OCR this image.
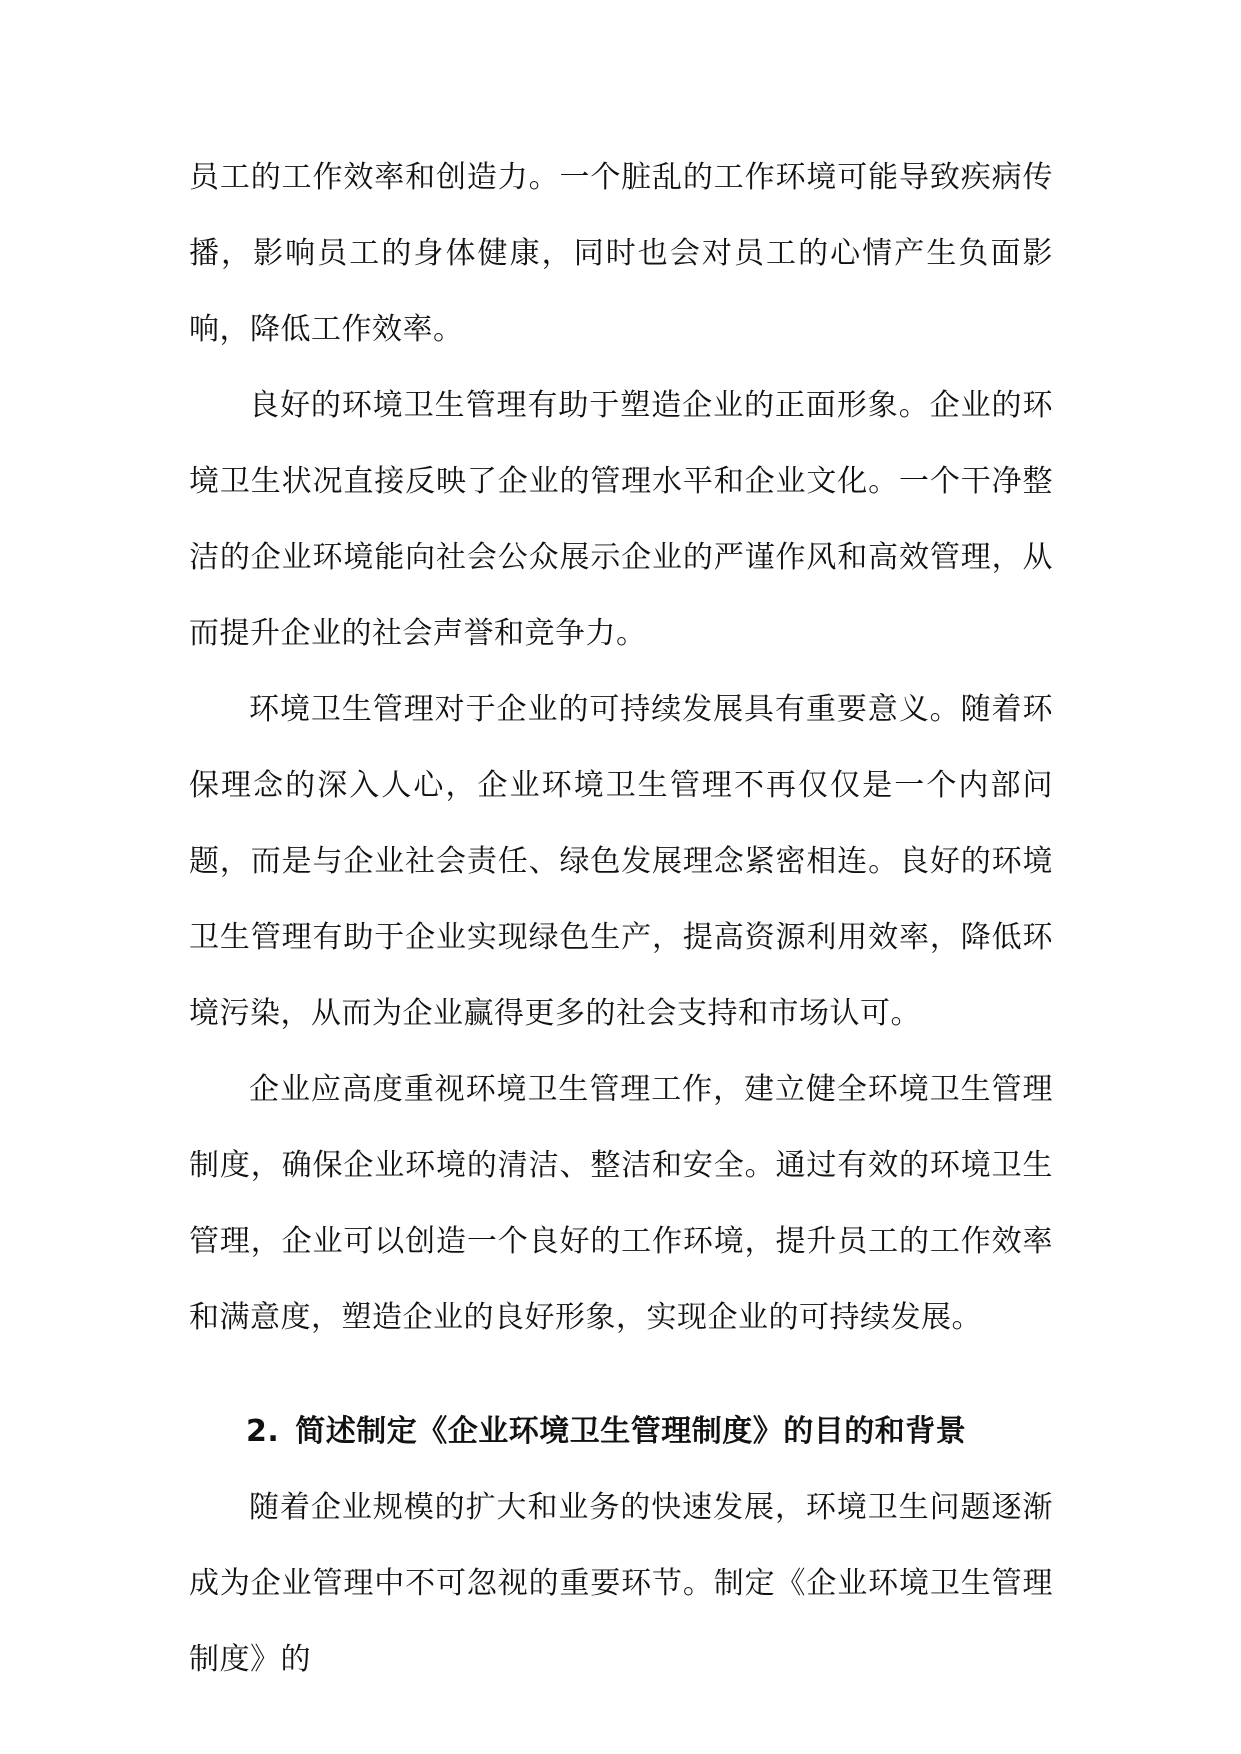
员工的工作效率和创造力。一个脏乱的工作环境可能导致疾病传播，影响员工的身体健康，同时也会对员工的心情产生负面影响，降低工作效率。

良好的环境卫生管理有助于塑造企业的正面形象。企业的环境卫生状况直接反映了企业的管理水平和企业文化。一个干净整洁的企业环境能向社会公众展示企业的严谨作风和高效管理，从而提升企业的社会声誉和竞争力。

环境卫生管理对于企业的可持续发展具有重要意义。随着环保理念的深入人心，企业环境卫生管理不再仅仅是一个内部问题，而是与企业社会责任、绿色发展理念紧密相连。良好的环境卫生管理有助于企业实现绿色生产，提高资源利用效率，降低环境污染，从而为企业赢得更多的社会支持和市场认可。

企业应高度重视环境卫生管理工作，建立健全环境卫生管理制度，确保企业环境的清洁、整洁和安全。通过有效的环境卫生管理，企业可以创造一个良好的工作环境，提升员工的工作效率和满意度，塑造企业的良好形象，实现企业的可持续发展。

2. 简述制定《企业环境卫生管理制度》的目的和背景

随着企业规模的扩大和业务的快速发展，环境卫生问题逐渐成为企业管理中不可忽视的重要环节。制定《企业环境卫生管理制度》的
